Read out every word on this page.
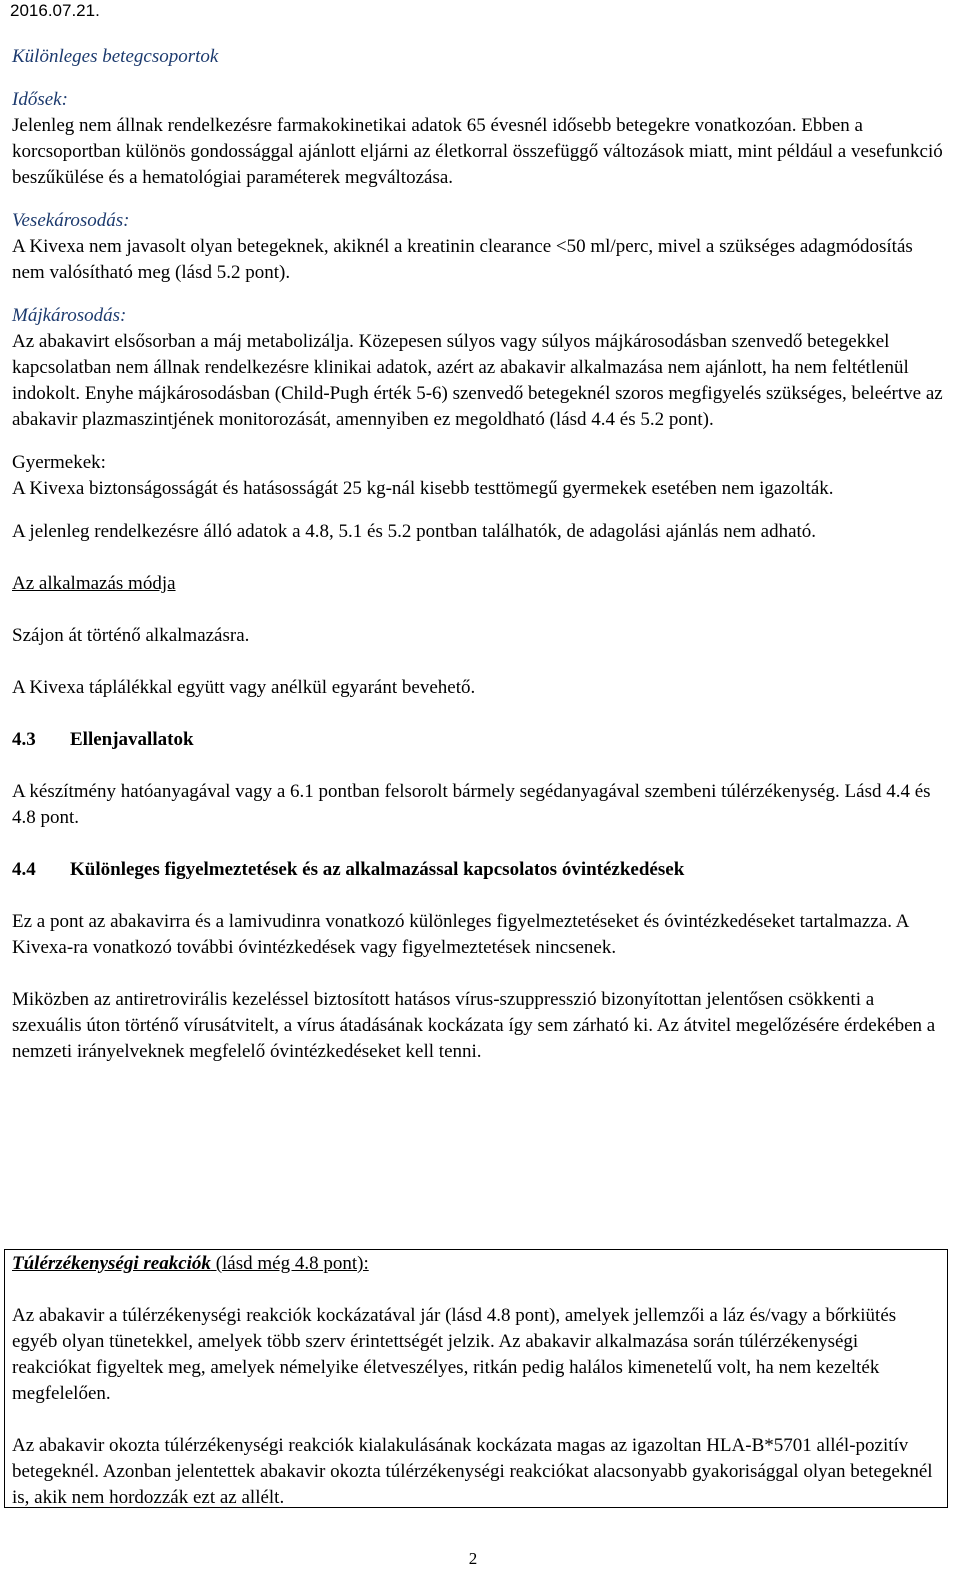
2016.07.21.

Különleges betegcsoportok

Idősek:

Jelenleg nem állnak rendelkezésre farmakokinetikai adatok 65 évesnél idősebb betegekre vonatkozóan. Ebben a korcsoportban különös gondossággal ajánlott eljárni az életkorral összefüggő változások miatt, mint például a vesefunkció beszűkülése és a hematológiai paraméterek megváltozása.

Vesekárosodás:

A Kivexa nem javasolt olyan betegeknek, akiknél a kreatinin clearance <50 ml/perc, mivel a szükséges adagmódosítás nem valósítható meg (lásd 5.2 pont).

Májkárosodás:

Az abakavirt elsősorban a máj metabolizálja. Közepesen súlyos vagy súlyos májkárosodásban szenvedő betegekkel kapcsolatban nem állnak rendelkezésre klinikai adatok, azért az abakavir alkalmazása nem ajánlott, ha nem feltétlenül indokolt. Enyhe májkárosodásban (Child-Pugh érték 5-6) szenvedő betegeknél szoros megfigyelés szükséges, beleértve az abakavir plazmaszintjének monitorozását, amennyiben ez megoldható (lásd 4.4 és 5.2 pont).

Gyermekek:

A Kivexa biztonságosságát és hatásosságát 25 kg-nál kisebb testtömegű gyermekek esetében nem igazolták.

A jelenleg rendelkezésre álló adatok a 4.8, 5.1 és 5.2 pontban találhatók, de adagolási ajánlás nem adható.

Az alkalmazás módja

Szájon át történő alkalmazásra.

A Kivexa táplálékkal együtt vagy anélkül egyaránt bevehető.

4.3 Ellenjavallatok

A készítmény hatóanyagával vagy a 6.1 pontban felsorolt bármely segédanyagával szembeni túlérzékenység. Lásd 4.4 és 4.8 pont.

4.4 Különleges figyelmeztetések és az alkalmazással kapcsolatos óvintézkedések

Ez a pont az abakavirra és a lamivudinra vonatkozó különleges figyelmeztetéseket és óvintézkedéseket tartalmazza. A Kivexa-ra vonatkozó további óvintézkedések vagy figyelmeztetések nincsenek.

Miközben az antiretrovirális kezeléssel biztosított hatásos vírus-szuppresszió bizonyítottan jelentősen csökkenti a szexuális úton történő vírusátvitelt, a vírus átadásának kockázata így sem zárható ki. Az átvitel megelőzésére érdekében a nemzeti irányelveknek megfelelő óvintézkedéseket kell tenni.

Túlérzékenységi reakciók (lásd még 4.8 pont):

Az abakavir a túlérzékenységi reakciók kockázatával jár (lásd 4.8 pont), amelyek jellemzői a láz és/vagy a bőrkiütés egyéb olyan tünetekkel, amelyek több szerv érintettségét jelzik. Az abakavir alkalmazása során túlérzékenységi reakciókat figyeltek meg, amelyek némelyike életveszélyes, ritkán pedig halálos kimenetelű volt, ha nem kezelték megfelelően.

Az abakavir okozta túlérzékenységi reakciók kialakulásának kockázata magas az igazoltan HLA-B*5701 allél-pozitív betegeknél. Azonban jelentettek abakavir okozta túlérzékenységi reakciókat alacsonyabb gyakorisággal olyan betegeknél is, akik nem hordozzák ezt az allélt.

2
